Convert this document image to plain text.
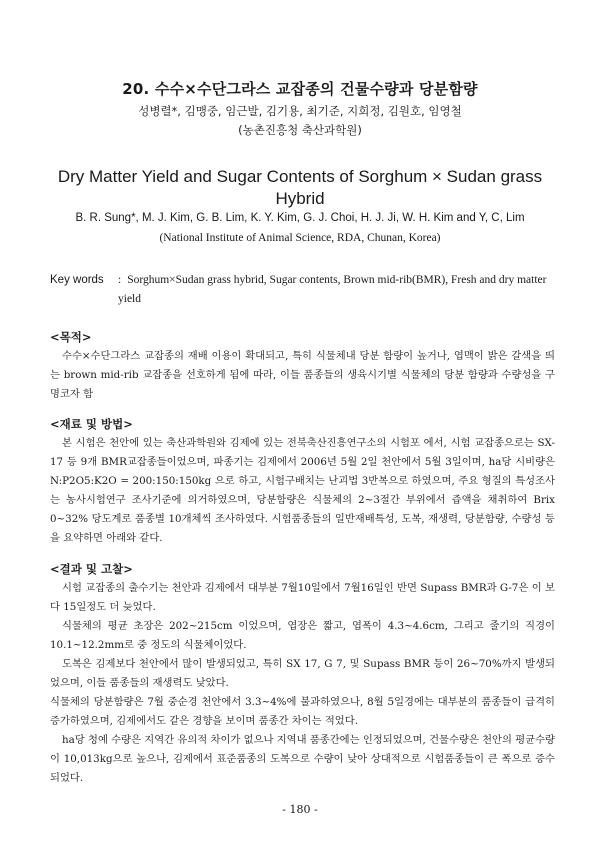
20. 수수×수단그라스 교잡종의 건물수량과 당분함량
성병렬*, 김맹중, 임근발, 김기용, 최기준, 지희정, 김원호, 임영철
(농촌진흥청 축산과학원)
Dry Matter Yield and Sugar Contents of Sorghum × Sudan grass Hybrid
B. R. Sung*, M. J. Kim, G. B. Lim, K. Y. Kim, G. J. Choi, H. J. Ji, W. H. Kim and Y, C, Lim
(National Institute of Animal Science, RDA, Chunan, Korea)
Key words	: Sorghum×Sudan grass hybrid, Sugar contents, Brown mid-rib(BMR), Fresh and dry matter yield
<목적>

수수×수단그라스 교잡종의 재배 이용이 확대되고, 특히 식물체내 당분 함량이 높거나, 엽맥이 밝은 갈색을 띄는 brown mid-rib 교잡종을 선호하게 됨에 따라, 이들 품종들의 생육시기별 식물체의 당분 함량과 수량성을 구명코자 함

<재료 및 방법>

본 시험은 천안에 있는 축산과학원와 김제에 있는 전북축산진흥연구소의 시험포 에서, 시험 교잡종으로는 SX-17 등 9개 BMR교잡종들이었으며, 파종기는 김제에서 2006년 5월 2일 천안에서 5월 3일이며, ha당 시비량은 N:P2O5:K2O = 200:150:150kg 으로 하고, 시험구배치는 난괴법 3반복으로 하였으며, 주요 형질의 특성조사는 농사시험연구 조사기준에 의거하였으며, 당분함량은 식물체의 2~3절간 부위에서 즙액을 채취하여 Brix 0~32% 당도계로 품종별 10개체씩 조사하였다. 시험품종들의 일반재배특성, 도복, 재생력, 당분함량, 수량성 등을 요약하면 아래와 같다.

<결과 및 고찰>

시험 교잡종의 출수기는 천안과 김제에서 대부분 7월10일에서 7월16일인 반면 Supass BMR과 G-7은 이 보다 15일정도 더 늦었다.

식물체의 평균 초장은 202~215cm 이었으며, 엽장은 짧고, 엽폭이 4.3~4.6cm, 그리고 줄기의 직경이 10.1~12.2mm로 중 정도의 식물체이었다.

도복은 김제보다 천안에서 많이 발생되었고, 특히 SX 17, G 7, 및 Supass BMR 등이 26~70%까지 발생되었으며, 이들 품종들의 재생력도 낮았다.

식물체의 당분함량은 7월 중순경 천안에서 3.3~4%에 불과하였으나, 8월 5일경에는 대부분의 품종들이 급격히 증가하였으며, 김제에서도 같은 경향을 보이며 품종간 차이는 적었다.

ha당 청예 수량은 지역간 유의적 차이가 없으나 지역내 품종간에는 인정되었으며, 건물수량은 천안의 평균수량이 10,013kg으로 높으나, 김제에서 표준품종의 도복으로 수량이 낮아 상대적으로 시험품종들이 큰 폭으로 증수 되었다.

- 180 -
